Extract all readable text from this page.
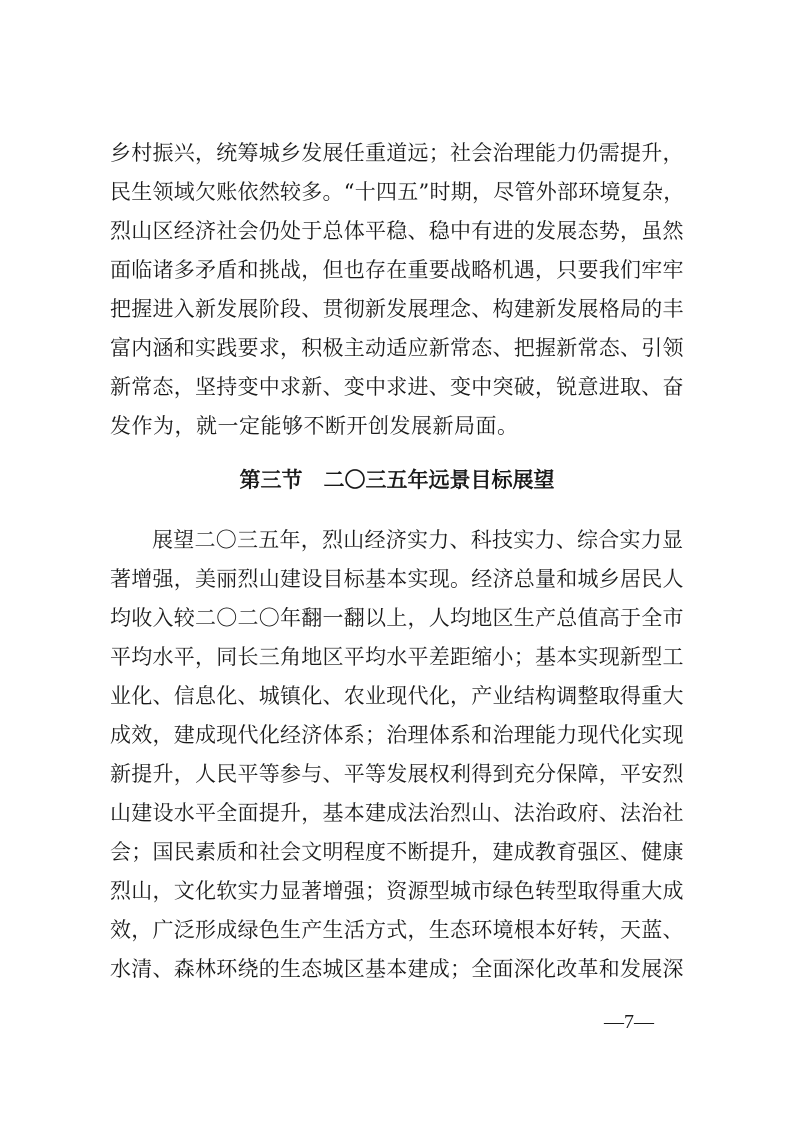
乡村振兴，统筹城乡发展任重道远；社会治理能力仍需提升，
民生领域欠账依然较多。“十四五”时期，尽管外部环境复杂，
烈山区经济社会仍处于总体平稳、稳中有进的发展态势，虽然
面临诸多矛盾和挑战，但也存在重要战略机遇，只要我们牢牢
把握进入新发展阶段、贯彻新发展理念、构建新发展格局的丰
富内涵和实践要求，积极主动适应新常态、把握新常态、引领
新常态，坚持变中求新、变中求进、变中突破，锐意进取、奋
发作为，就一定能够不断开创发展新局面。
第三节　二〇三五年远景目标展望
展望二〇三五年，烈山经济实力、科技实力、综合实力显
著增强，美丽烈山建设目标基本实现。经济总量和城乡居民人
均收入较二〇二〇年翻一翻以上，人均地区生产总值高于全市
平均水平，同长三角地区平均水平差距缩小；基本实现新型工
业化、信息化、城镇化、农业现代化，产业结构调整取得重大
成效，建成现代化经济体系；治理体系和治理能力现代化实现
新提升，人民平等参与、平等发展权利得到充分保障，平安烈
山建设水平全面提升，基本建成法治烈山、法治政府、法治社
会；国民素质和社会文明程度不断提升，建成教育强区、健康
烈山，文化软实力显著增强；资源型城市绿色转型取得重大成
效，广泛形成绿色生产生活方式，生态环境根本好转，天蓝、
水清、森林环绕的生态城区基本建成；全面深化改革和发展深
—7—
